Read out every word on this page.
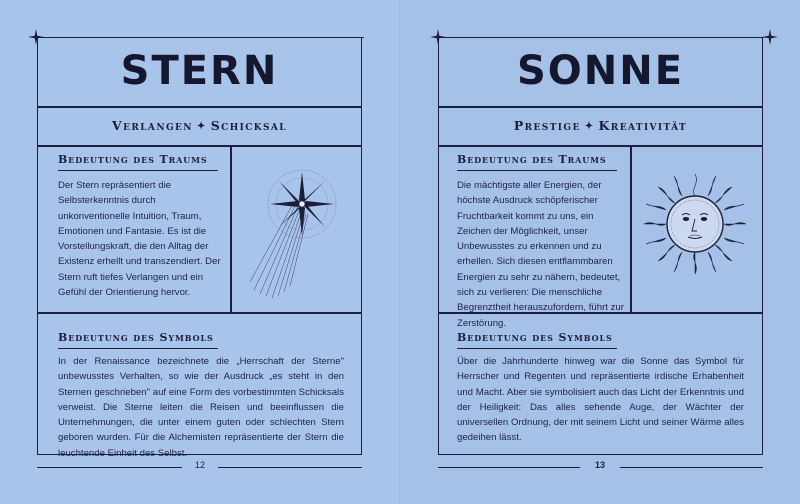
STERN
Verlangen ✦ Schicksal
Bedeutung des Traums
Der Stern repräsentiert die Selbsterkenntnis durch unkonventionelle Intuition, Traum, Emotionen und Fantasie. Es ist die Vorstellungskraft, die den Alltag der Existenz erhellt und transzendiert. Der Stern ruft tiefes Verlangen und ein Gefühl der Orientierung hervor.
Bedeutung des Symbols
In der Renaissance bezeichnete die „Herrschaft der Sterne" unbewusstes Verhalten, so wie der Ausdruck „es steht in den Sternen geschrieben" auf eine Form des vorbestimmten Schicksals verweist. Die Sterne leiten die Reisen und beeinflussen die Unternehmungen, die unter einem guten oder schlechten Stern geboren wurden. Für die Alchemisten repräsentierte der Stern die leuchtende Einheit des Selbst.
12
SONNE
Prestige ✦ Kreativität
Bedeutung des Traums
Die mächtigste aller Energien, der höchste Ausdruck schöpferischer Fruchtbarkeit kommt zu uns, ein Zeichen der Möglichkeit, unser Unbewusstes zu erkennen und zu erhellen. Sich diesen entflammbaren Energien zu sehr zu nähern, bedeutet, sich zu verlieren: Die menschliche Begrenztheit herauszufordern, führt zur Zerstörung.
Bedeutung des Symbols
Über die Jahrhunderte hinweg war die Sonne das Symbol für Herrscher und Regenten und repräsentierte irdische Erhabenheit und Macht. Aber sie symbolisiert auch das Licht der Erkenntnis und der Heiligkeit: Das alles sehende Auge, der Wächter der universellen Ordnung, der mit seinem Licht und seiner Wärme alles gedeihen lässt.
13
